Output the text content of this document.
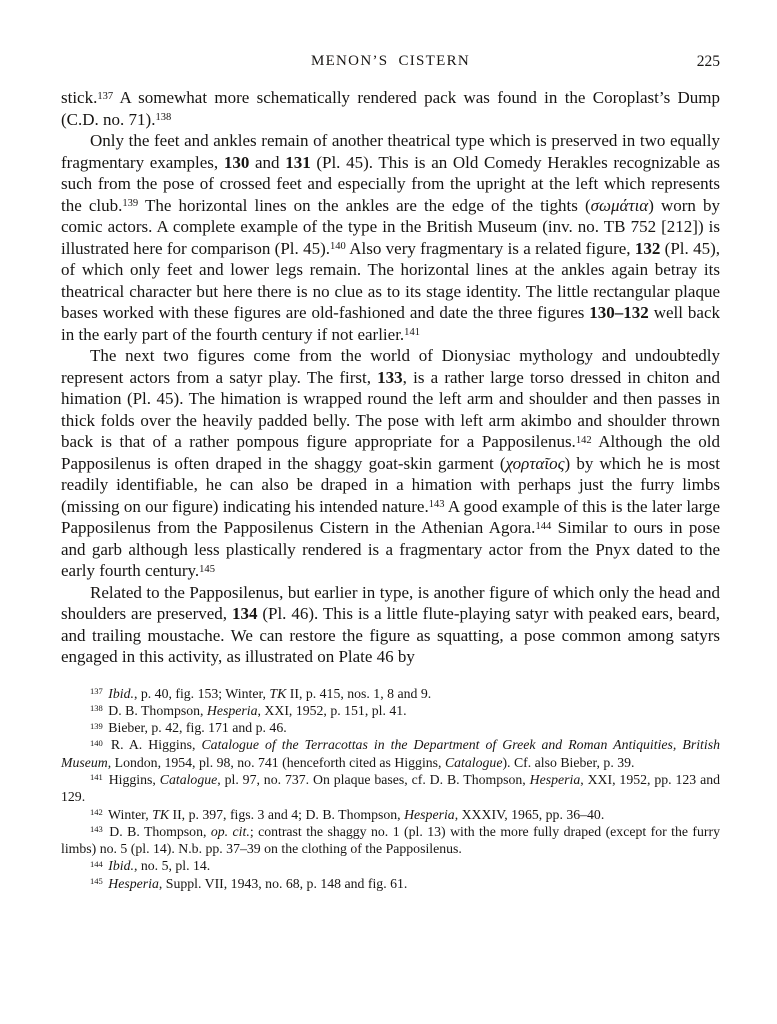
MENON’S CISTERN	225

stick.$^{137}$ A somewhat more schematically rendered pack was found in the Coroplast’s Dump (C.D. no. 71).$^{138}$

Only the feet and ankles remain of another theatrical type which is preserved in two equally fragmentary examples, 130 and 131 (Pl. 45). This is an Old Comedy Herakles recognizable as such from the pose of crossed feet and especially from the upright at the left which represents the club.$^{139}$ The horizontal lines on the ankles are the edge of the tights (σωμάτια) worn by comic actors. A complete example of the type in the British Museum (inv. no. TB 752 [212]) is illustrated here for comparison (Pl. 45).$^{140}$ Also very fragmentary is a related figure, 132 (Pl. 45), of which only feet and lower legs remain. The horizontal lines at the ankles again betray its theatrical character but here there is no clue as to its stage identity. The little rectangular plaque bases worked with these figures are old-fashioned and date the three figures 130–132 well back in the early part of the fourth century if not earlier.$^{141}$

The next two figures come from the world of Dionysiac mythology and undoubtedly represent actors from a satyr play. The first, 133, is a rather large torso dressed in chiton and himation (Pl. 45). The himation is wrapped round the left arm and shoulder and then passes in thick folds over the heavily padded belly. The pose with left arm akimbo and shoulder thrown back is that of a rather pompous figure appropriate for a Papposilenus.$^{142}$ Although the old Papposilenus is often draped in the shaggy goat-skin garment (χορταῖος) by which he is most readily identifiable, he can also be draped in a himation with perhaps just the furry limbs (missing on our figure) indicating his intended nature.$^{143}$ A good example of this is the later large Papposilenus from the Papposilenus Cistern in the Athenian Agora.$^{144}$ Similar to ours in pose and garb although less plastically rendered is a fragmentary actor from the Pnyx dated to the early fourth century.$^{145}$

Related to the Papposilenus, but earlier in type, is another figure of which only the head and shoulders are preserved, 134 (Pl. 46). This is a little flute-playing satyr with peaked ears, beard, and trailing moustache. We can restore the figure as squatting, a pose common among satyrs engaged in this activity, as illustrated on Plate 46 by

$^{137}$ Ibid., p. 40, fig. 153; Winter, TK II, p. 415, nos. 1, 8 and 9.

$^{138}$ D. B. Thompson, Hesperia, XXI, 1952, p. 151, pl. 41.

$^{139}$ Bieber, p. 42, fig. 171 and p. 46.

$^{140}$ R. A. Higgins, Catalogue of the Terracottas in the Department of Greek and Roman Antiquities, British Museum, London, 1954, pl. 98, no. 741 (henceforth cited as Higgins, Catalogue). Cf. also Bieber, p. 39.

$^{141}$ Higgins, Catalogue, pl. 97, no. 737. On plaque bases, cf. D. B. Thompson, Hesperia, XXI, 1952, pp. 123 and 129.

$^{142}$ Winter, TK II, p. 397, figs. 3 and 4; D. B. Thompson, Hesperia, XXXIV, 1965, pp. 36–40.

$^{143}$ D. B. Thompson, op. cit.; contrast the shaggy no. 1 (pl. 13) with the more fully draped (except for the furry limbs) no. 5 (pl. 14). N.b. pp. 37–39 on the clothing of the Papposilenus.

$^{144}$ Ibid., no. 5, pl. 14.

$^{145}$ Hesperia, Suppl. VII, 1943, no. 68, p. 148 and fig. 61.
